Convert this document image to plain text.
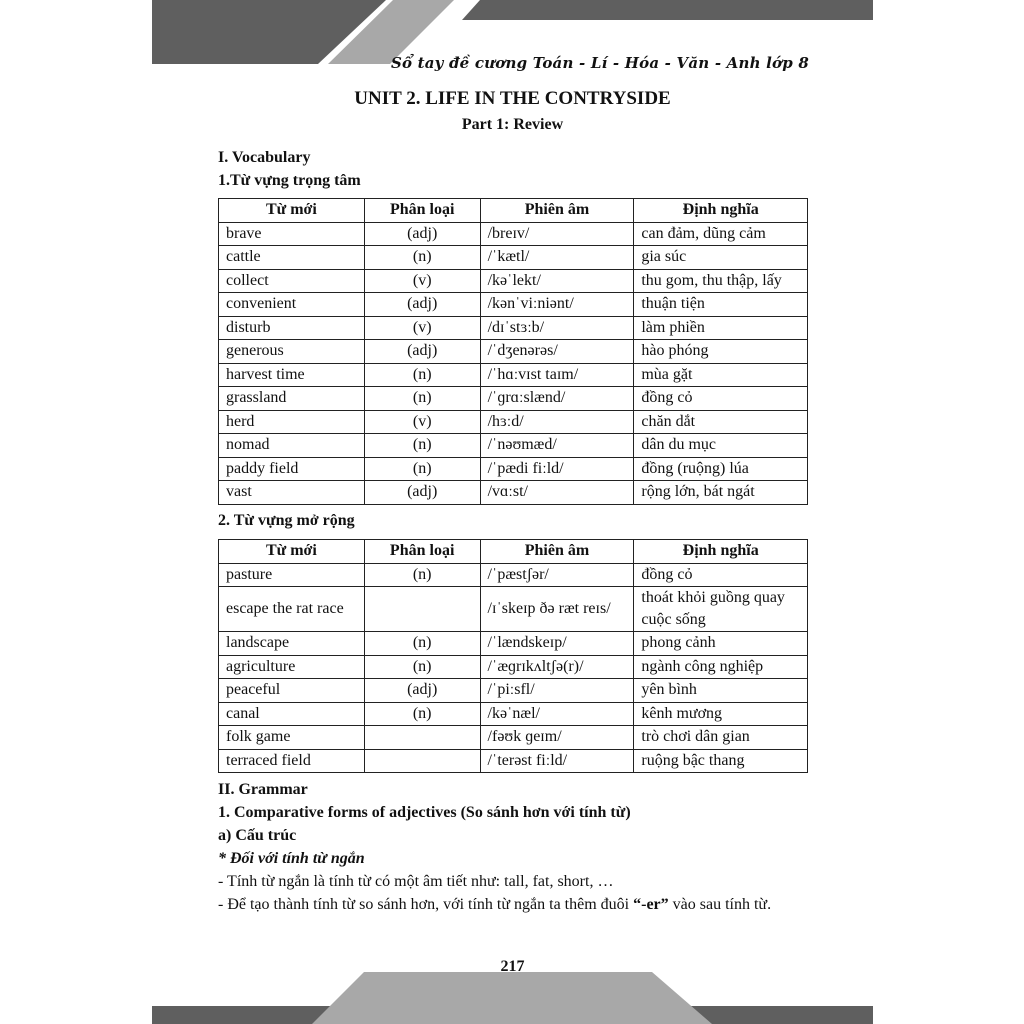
Sổ tay đề cương Toán - Lí - Hóa - Văn - Anh lớp 8
UNIT 2. LIFE IN THE CONTRYSIDE
Part 1: Review
I. Vocabulary
1.Từ vựng trọng tâm
Từ mới	Phân loại	Phiên âm	Định nghĩa
brave	(adj)	/breɪv/	can đảm, dũng cảm
cattle	(n)	/ˈkætl/	gia súc
collect	(v)	/kəˈlekt/	thu gom, thu thập, lấy
convenient	(adj)	/kənˈviːniənt/	thuận tiện
disturb	(v)	/dɪˈstɜːb/	làm phiền
generous	(adj)	/ˈdʒenərəs/	hào phóng
harvest time	(n)	/ˈhɑːvɪst taɪm/	mùa gặt
grassland	(n)	/ˈɡrɑːslænd/	đồng cỏ
herd	(v)	/hɜːd/	chăn dắt
nomad	(n)	/ˈnəʊmæd/	dân du mục
paddy field	(n)	/ˈpædi fiːld/	đồng (ruộng) lúa
vast	(adj)	/vɑːst/	rộng lớn, bát ngát
2. Từ vựng mở rộng
Từ mới	Phân loại	Phiên âm	Định nghĩa
pasture	(n)	/ˈpæstʃər/	đồng cỏ
escape the rat race		/ɪˈskeɪp ðə ræt reɪs/	thoát khỏi guồng quay cuộc sống
landscape	(n)	/ˈlændskeɪp/	phong cảnh
agriculture	(n)	/ˈæɡrɪkʌltʃə(r)/	ngành công nghiệp
peaceful	(adj)	/ˈpiːsfl/	yên bình
canal	(n)	/kəˈnæl/	kênh mương
folk game		/fəʊk ɡeɪm/	trò chơi dân gian
terraced field		/ˈterəst fiːld/	ruộng bậc thang
II. Grammar
1. Comparative forms of adjectives (So sánh hơn với tính từ)
a) Cấu trúc
* Đối với tính từ ngắn
- Tính từ ngắn là tính từ có một âm tiết như: tall, fat, short, …
- Để tạo thành tính từ so sánh hơn, với tính từ ngắn ta thêm đuôi “-er” vào sau tính từ.
217
